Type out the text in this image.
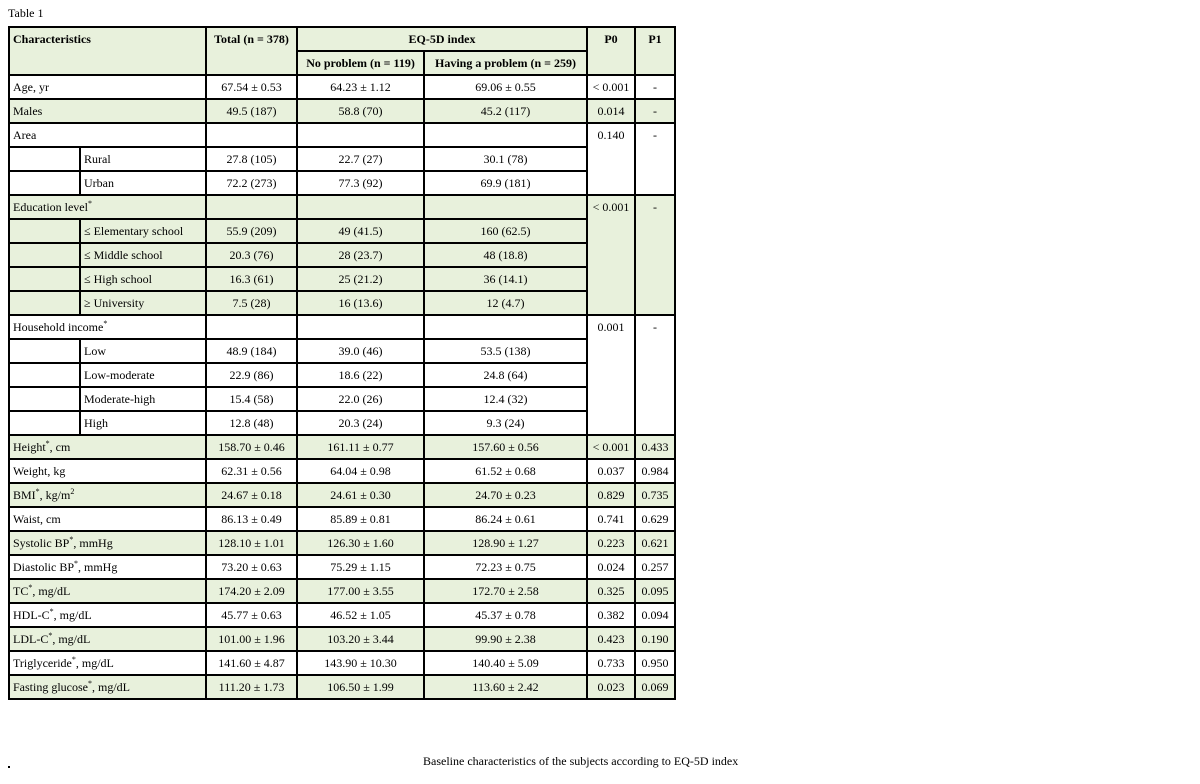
Table 1
Characteristics		Total (n = 378)	EQ-5D index		P0	P1
			No problem (n = 119)	Having a problem (n = 259)		
Age, yr		67.54 ± 0.53	64.23 ± 1.12	69.06 ± 0.55	< 0.001	-
Males		49.5 (187)	58.8 (70)	45.2 (117)	0.014	-
Area					0.140	-
	Rural	27.8 (105)	22.7 (27)	30.1 (78)		
	Urban	72.2 (273)	77.3 (92)	69.9 (181)		
Education level*					< 0.001	-
	≤ Elementary school	55.9 (209)	49 (41.5)	160 (62.5)		
	≤ Middle school	20.3 (76)	28 (23.7)	48 (18.8)		
	≤ High school	16.3 (61)	25 (21.2)	36 (14.1)		
	≥ University	7.5 (28)	16 (13.6)	12 (4.7)		
Household income*					0.001	-
	Low	48.9 (184)	39.0 (46)	53.5 (138)		
	Low-moderate	22.9 (86)	18.6 (22)	24.8 (64)		
	Moderate-high	15.4 (58)	22.0 (26)	12.4 (32)		
	High	12.8 (48)	20.3 (24)	9.3 (24)		
Height*, cm		158.70 ± 0.46	161.11 ± 0.77	157.60 ± 0.56	< 0.001	0.433
Weight, kg		62.31 ± 0.56	64.04 ± 0.98	61.52 ± 0.68	0.037	0.984
BMI*, $kg/m^2$		24.67 ± 0.18	24.61 ± 0.30	24.70 ± 0.23	0.829	0.735
Waist, cm		86.13 ± 0.49	85.89 ± 0.81	86.24 ± 0.61	0.741	0.629
Systolic BP*, mmHg		128.10 ± 1.01	126.30 ± 1.60	128.90 ± 1.27	0.223	0.621
Diastolic BP*, mmHg		73.20 ± 0.63	75.29 ± 1.15	72.23 ± 0.75	0.024	0.257
TC*, mg/dL		174.20 ± 2.09	177.00 ± 3.55	172.70 ± 2.58	0.325	0.095
HDL-C*, mg/dL		45.77 ± 0.63	46.52 ± 1.05	45.37 ± 0.78	0.382	0.094
LDL-C*, mg/dL		101.00 ± 1.96	103.20 ± 3.44	99.90 ± 2.38	0.423	0.190
Triglyceride*, mg/dL		141.60 ± 4.87	143.90 ± 10.30	140.40 ± 5.09	0.733	0.950
Fasting glucose*, mg/dL		111.20 ± 1.73	106.50 ± 1.99	113.60 ± 2.42	0.023	0.069
Baseline characteristics of the subjects according to EQ-5D index
